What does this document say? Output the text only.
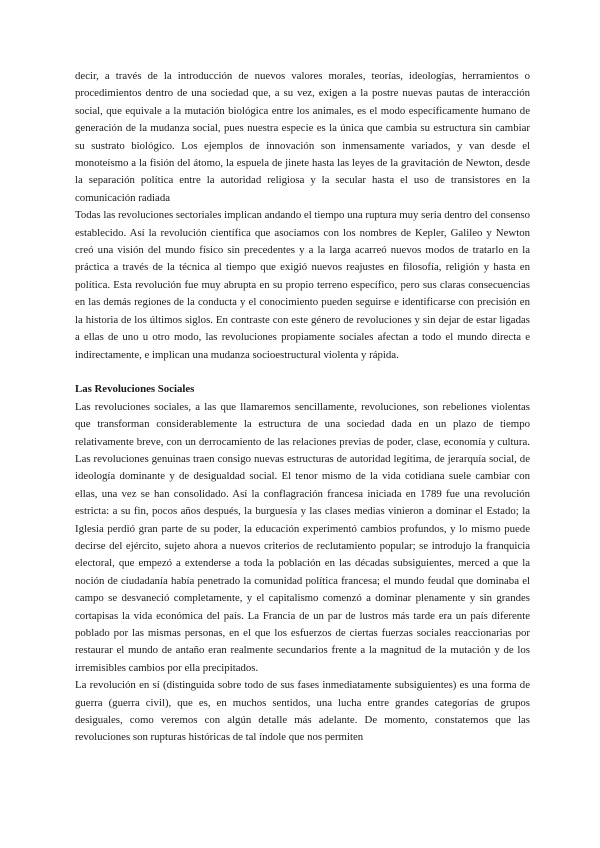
decir, a través de la introducción de nuevos valores morales, teorías, ideologías, herramientos o procedimientos dentro de una sociedad que, a su vez, exigen a la postre nuevas pautas de interacción social, que equivale a la mutación biológica entre los animales, es el modo específicamente humano de generación de la mudanza social, pues nuestra especie es la única que cambia su estructura sin cambiar su sustrato biológico. Los ejemplos de innovación son inmensamente variados, y van desde el monoteísmo a la fisión del átomo, la espuela de jinete hasta las leyes de la gravitación de Newton, desde la separación política entre la autoridad religiosa y la secular hasta el uso de transistores en la comunicación radiada

Todas las revoluciones sectoriales implican andando el tiempo una ruptura muy seria dentro del consenso establecido. Así la revolución científica que asociamos con los nombres de Kepler, Galileo y Newton creó una visión del mundo físico sin precedentes y a la larga acarreó nuevos modos de tratarlo en la práctica a través de la técnica al tiempo que exigió nuevos reajustes en filosofía, religión y hasta en política. Esta revolución fue muy abrupta en su propio terreno específico, pero sus claras consecuencias en las demás regiones de la conducta y el conocimiento pueden seguirse e identificarse con precisión en la historia de los últimos siglos. En contraste con este género de revoluciones y sin dejar de estar ligadas a ellas de uno u otro modo, las revoluciones propiamente sociales afectan a todo el mundo directa e indirectamente, e implican una mudanza socioestructural violenta y rápida.

Las Revoluciones Sociales

Las revoluciones sociales, a las que llamaremos sencillamente, revoluciones, son rebeliones violentas que transforman considerablemente la estructura de una sociedad dada en un plazo de tiempo relativamente breve, con un derrocamiento de las relaciones previas de poder, clase, economía y cultura. Las revoluciones genuinas traen consigo nuevas estructuras de autoridad legítima, de jerarquía social, de ideología dominante y de desigualdad social. El tenor mismo de la vida cotidiana suele cambiar con ellas, una vez se han consolidado. Así la conflagración francesa iniciada en 1789 fue una revolución estricta: a su fin, pocos años después, la burguesía y las clases medias vinieron a dominar el Estado; la Iglesia perdió gran parte de su poder, la educación experimentó cambios profundos, y lo mismo puede decirse del ejército, sujeto ahora a nuevos criterios de reclutamiento popular; se introdujo la franquicia electoral, que empezó a extenderse a toda la población en las décadas subsiguientes, merced a que la noción de ciudadanía había penetrado la comunidad política francesa; el mundo feudal que dominaba el campo se desvaneció completamente, y el capitalismo comenzó a dominar plenamente y sin grandes cortapisas la vida económica del país. La Francia de un par de lustros más tarde era un país diferente poblado por las mismas personas, en el que los esfuerzos de ciertas fuerzas sociales reaccionarias por restaurar el mundo de antaño eran realmente secundarios frente a la magnitud de la mutación y de los irremisibles cambios por ella precipitados.

La revolución en sí (distinguida sobre todo de sus fases inmediatamente subsiguientes) es una forma de guerra (guerra civil), que es, en muchos sentidos, una lucha entre grandes categorías de grupos desiguales, como veremos con algún detalle más adelante. De momento, constatemos que las revoluciones son rupturas históricas de tal índole que nos permiten
